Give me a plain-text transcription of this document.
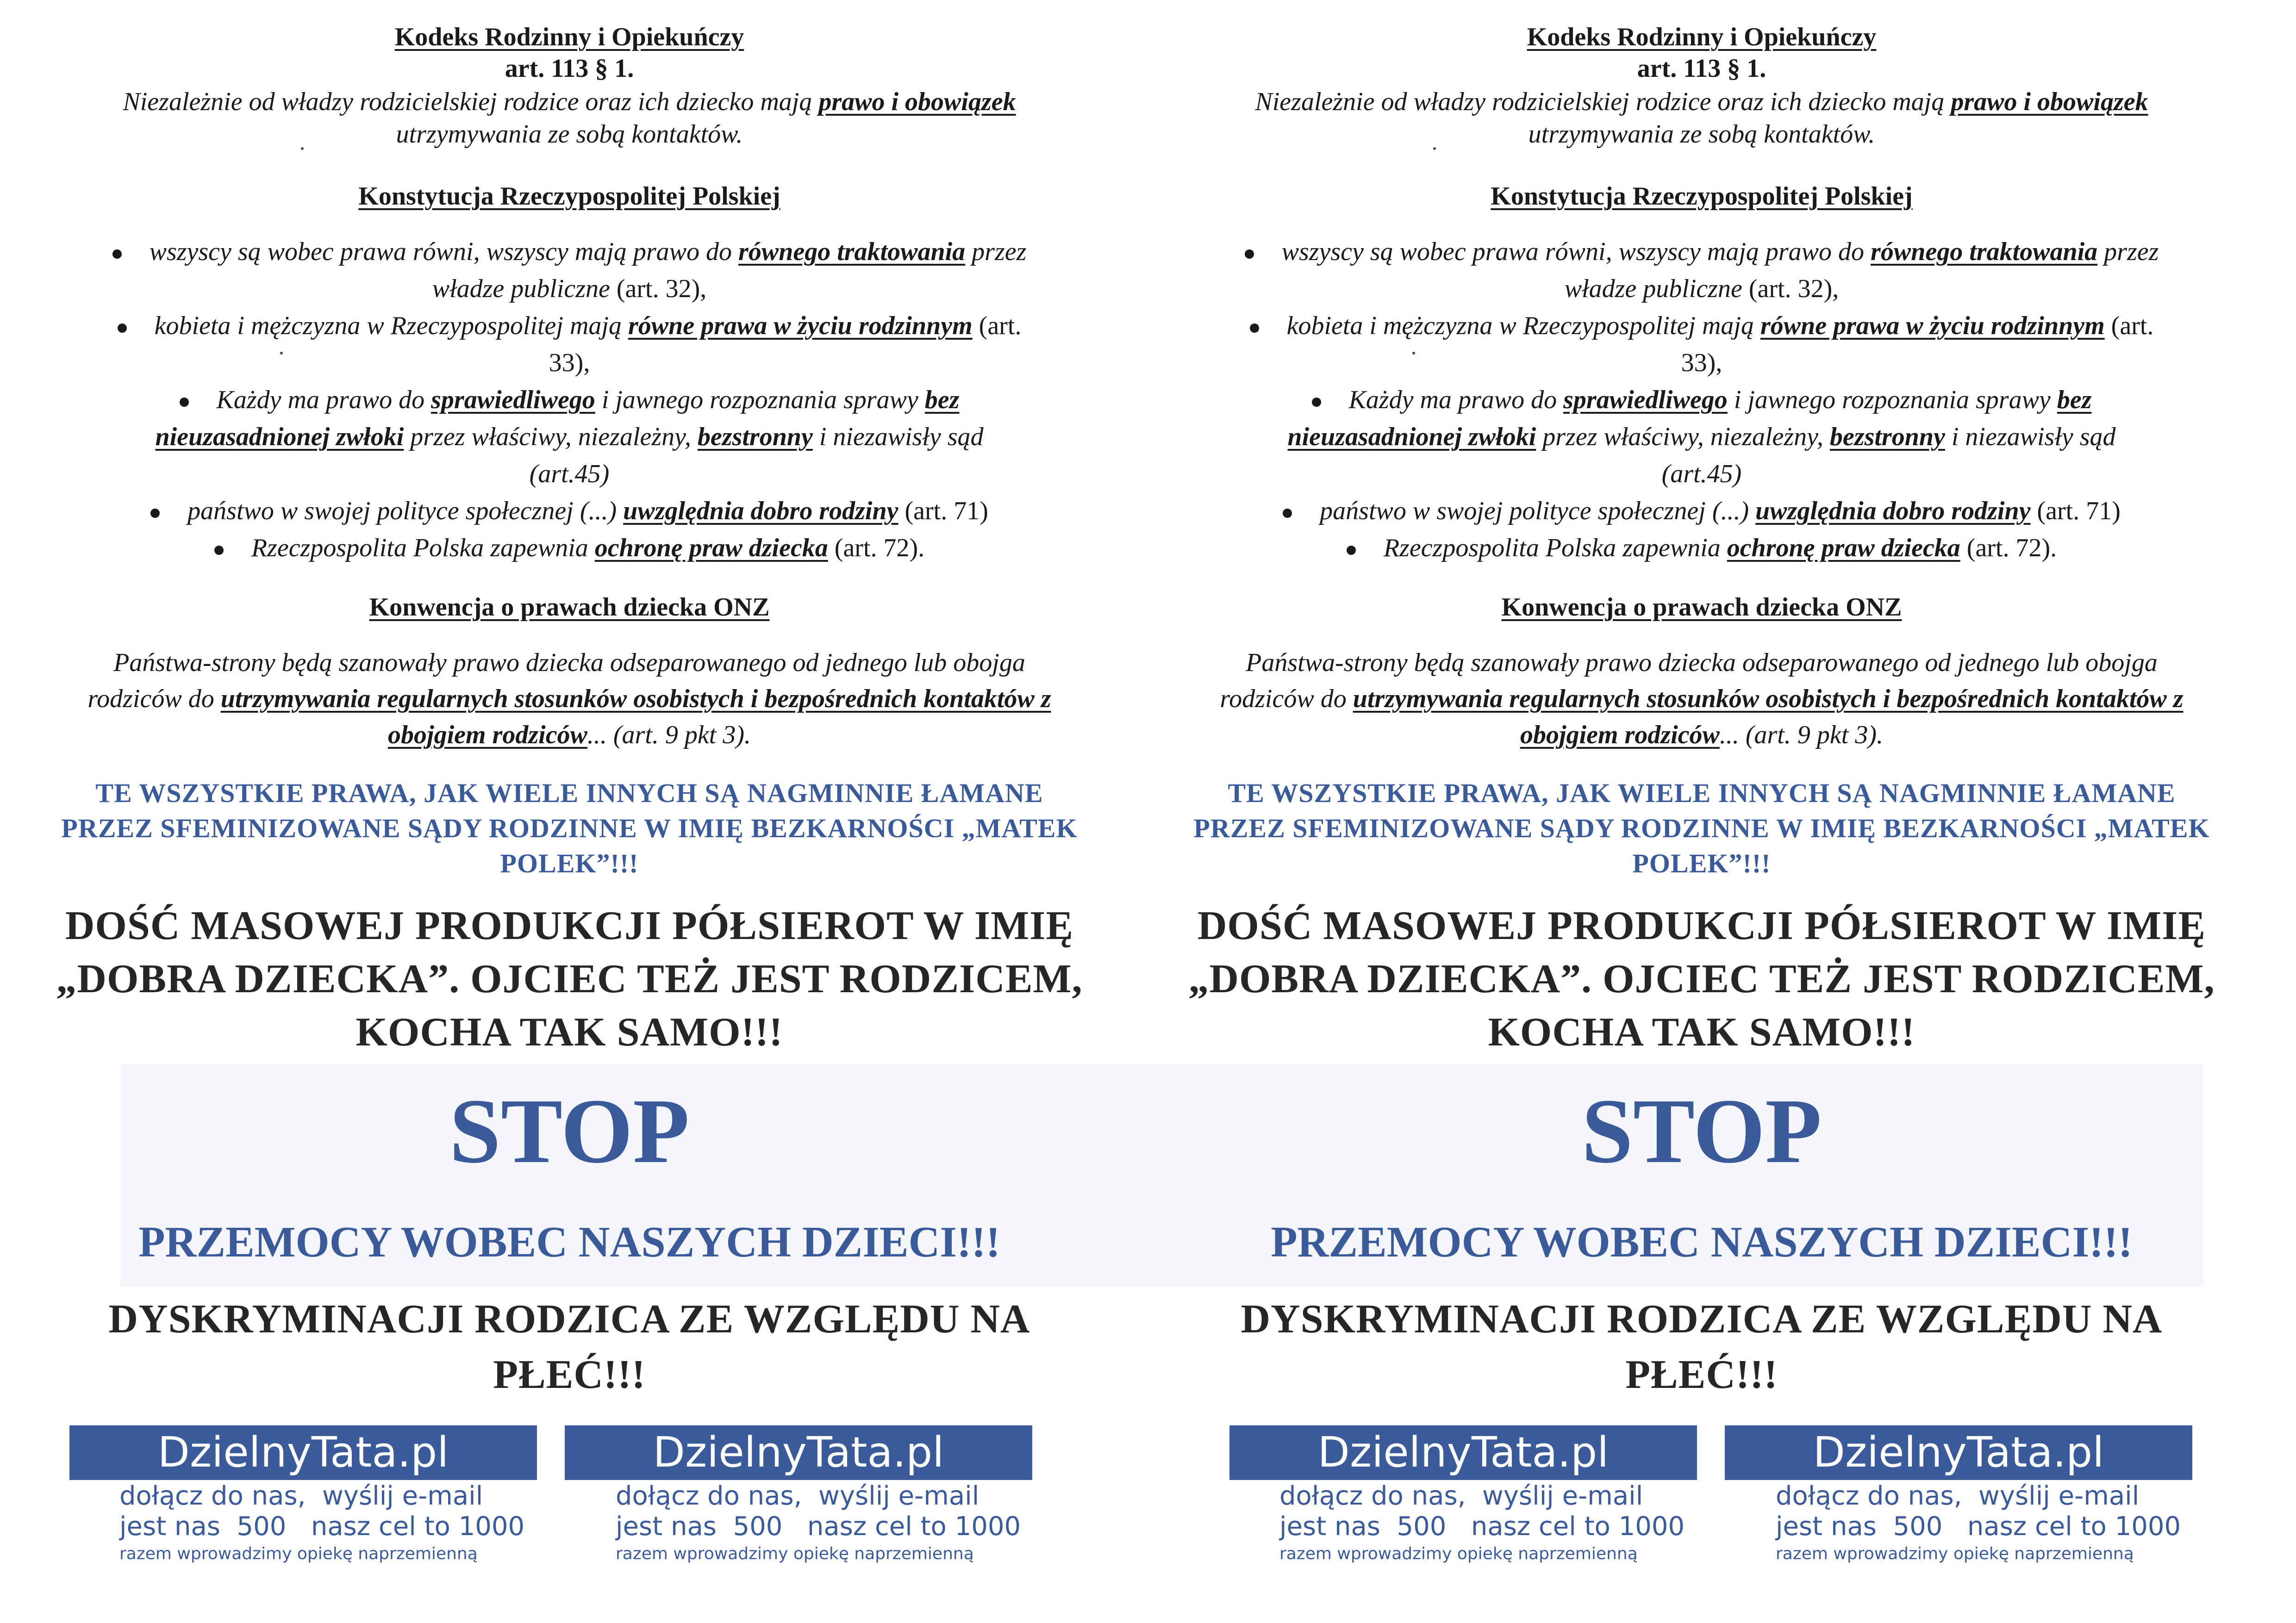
Kodeks Rodzinny i Opiekuńczy
art. 113 § 1.
Niezależnie od władzy rodzicielskiej rodzice oraz ich dziecko mają prawo i obowiązek
utrzymywania ze sobą kontaktów.
Konstytucja Rzeczypospolitej Polskiej
wszyscy są wobec prawa równi, wszyscy mają prawo do równego traktowania przez
władze publiczne (art. 32),
kobieta i mężczyzna w Rzeczypospolitej mają równe prawa w życiu rodzinnym (art.
33),
Każdy ma prawo do sprawiedliwego i jawnego rozpoznania sprawy bez
nieuzasadnionej zwłoki przez właściwy, niezależny, bezstronny i niezawisły sąd
(art.45)
państwo w swojej polityce społecznej (...) uwzględnia dobro rodziny (art. 71)
Rzeczpospolita Polska zapewnia ochronę praw dziecka (art. 72).
Konwencja o prawach dziecka ONZ
Państwa-strony będą szanowały prawo dziecka odseparowanego od jednego lub obojga
rodziców do utrzymywania regularnych stosunków osobistych i bezpośrednich kontaktów z
obojgiem rodziców... (art. 9 pkt 3).
TE WSZYSTKIE PRAWA, JAK WIELE INNYCH SĄ NAGMINNIE ŁAMANE
PRZEZ SFEMINIZOWANE SĄDY RODZINNE W IMIĘ BEZKARNOŚCI „MATEK
POLEK”!!!
DOŚĆ MASOWEJ PRODUKCJI PÓŁSIEROT W IMIĘ
„DOBRA DZIECKA”. OJCIEC TEŻ JEST RODZICEM,
KOCHA TAK SAMO!!!
STOP
PRZEMOCY WOBEC NASZYCH DZIECI!!!
DYSKRYMINACJI RODZICA ZE WZGLĘDU NA
PŁEĆ!!!
DzielnyTata.pl
dołącz do nas,  wyślij e-mail
jest nas  500   nasz cel to 1000
razem wprowadzimy opiekę naprzemienną
DzielnyTata.pl
dołącz do nas,  wyślij e-mail
jest nas  500   nasz cel to 1000
razem wprowadzimy opiekę naprzemienną
Kodeks Rodzinny i Opiekuńczy
art. 113 § 1.
Niezależnie od władzy rodzicielskiej rodzice oraz ich dziecko mają prawo i obowiązek
utrzymywania ze sobą kontaktów.
Konstytucja Rzeczypospolitej Polskiej
wszyscy są wobec prawa równi, wszyscy mają prawo do równego traktowania przez
władze publiczne (art. 32),
kobieta i mężczyzna w Rzeczypospolitej mają równe prawa w życiu rodzinnym (art.
33),
Każdy ma prawo do sprawiedliwego i jawnego rozpoznania sprawy bez
nieuzasadnionej zwłoki przez właściwy, niezależny, bezstronny i niezawisły sąd
(art.45)
państwo w swojej polityce społecznej (...) uwzględnia dobro rodziny (art. 71)
Rzeczpospolita Polska zapewnia ochronę praw dziecka (art. 72).
Konwencja o prawach dziecka ONZ
Państwa-strony będą szanowały prawo dziecka odseparowanego od jednego lub obojga
rodziców do utrzymywania regularnych stosunków osobistych i bezpośrednich kontaktów z
obojgiem rodziców... (art. 9 pkt 3).
TE WSZYSTKIE PRAWA, JAK WIELE INNYCH SĄ NAGMINNIE ŁAMANE
PRZEZ SFEMINIZOWANE SĄDY RODZINNE W IMIĘ BEZKARNOŚCI „MATEK
POLEK”!!!
DOŚĆ MASOWEJ PRODUKCJI PÓŁSIEROT W IMIĘ
„DOBRA DZIECKA”. OJCIEC TEŻ JEST RODZICEM,
KOCHA TAK SAMO!!!
STOP
PRZEMOCY WOBEC NASZYCH DZIECI!!!
DYSKRYMINACJI RODZICA ZE WZGLĘDU NA
PŁEĆ!!!
DzielnyTata.pl
dołącz do nas,  wyślij e-mail
jest nas  500   nasz cel to 1000
razem wprowadzimy opiekę naprzemienną
DzielnyTata.pl
dołącz do nas,  wyślij e-mail
jest nas  500   nasz cel to 1000
razem wprowadzimy opiekę naprzemienną
